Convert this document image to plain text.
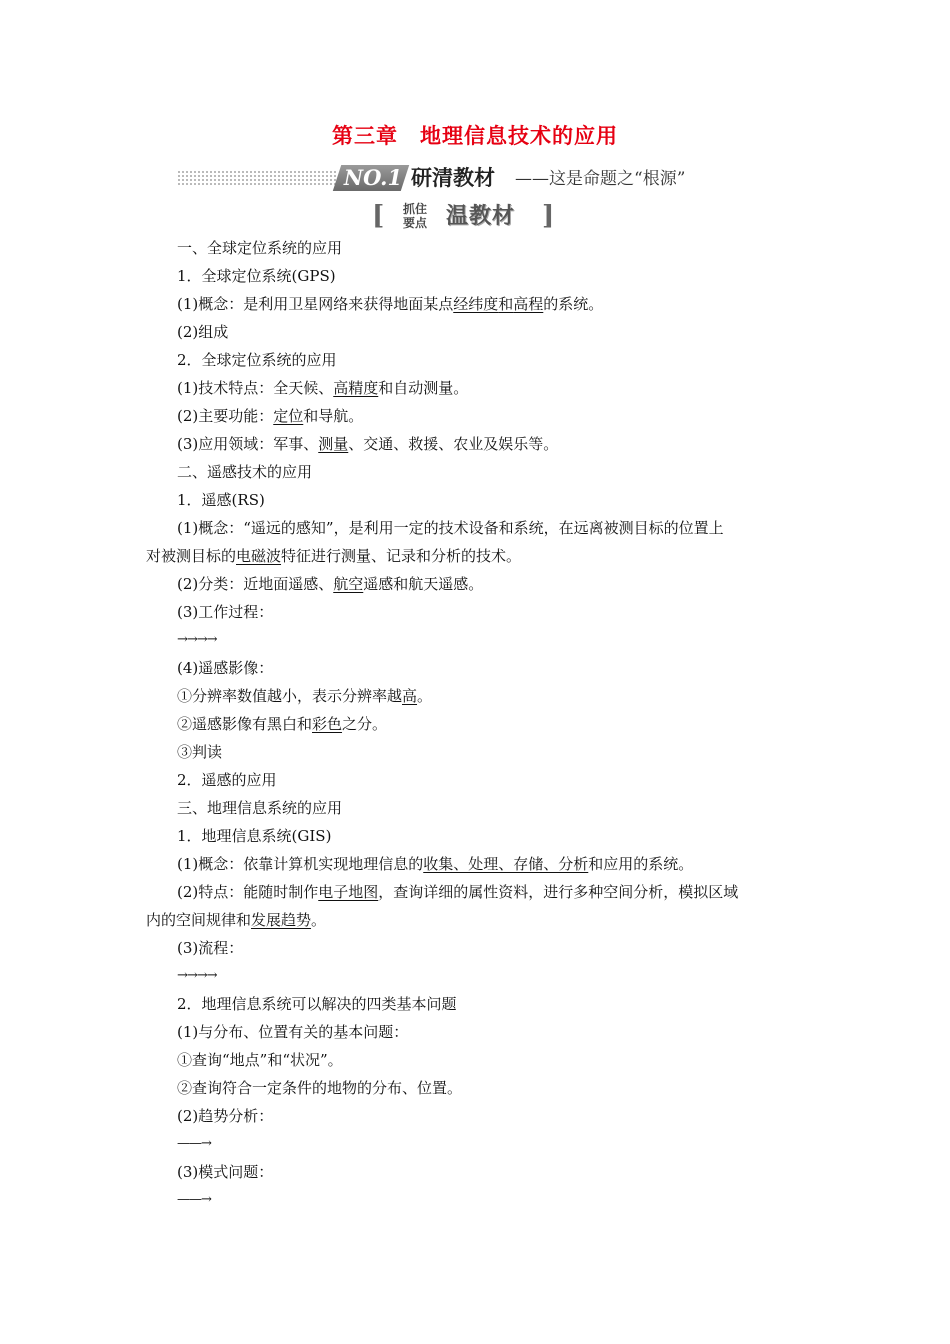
第三章　地理信息技术的应用
NO.1 研清教材 ——这是命题之“根源”
[	抓住
要点 温教材 ]
一、全球定位系统的应用
1．全球定位系统(GPS)
(1)概念：是利用卫星网络来获得地面某点经纬度和高程的系统。
(2)组成
2．全球定位系统的应用
(1)技术特点：全天候、高精度和自动测量。
(2)主要功能：定位和导航。
(3)应用领域：军事、测量、交通、救援、农业及娱乐等。
二、遥感技术的应用
1．遥感(RS)
(1)概念：“遥远的感知”，是利用一定的技术设备和系统，在远离被测目标的位置上
对被测目标的电磁波特征进行测量、记录和分析的技术。
(2)分类：近地面遥感、航空遥感和航天遥感。
(3)工作过程：
→→→→
(4)遥感影像：
①分辨率数值越小，表示分辨率越高。
②遥感影像有黑白和彩色之分。
③判读
2．遥感的应用
三、地理信息系统的应用
1．地理信息系统(GIS)
(1)概念：依靠计算机实现地理信息的收集、处理、存储、分析和应用的系统。
(2)特点：能随时制作电子地图，查询详细的属性资料，进行多种空间分析，模拟区域
内的空间规律和发展趋势。
(3)流程：
→→→→
2．地理信息系统可以解决的四类基本问题
(1)与分布、位置有关的基本问题：
①查询“地点”和“状况”。
②查询符合一定条件的地物的分布、位置。
(2)趋势分析：
——→
(3)模式问题：
——→
